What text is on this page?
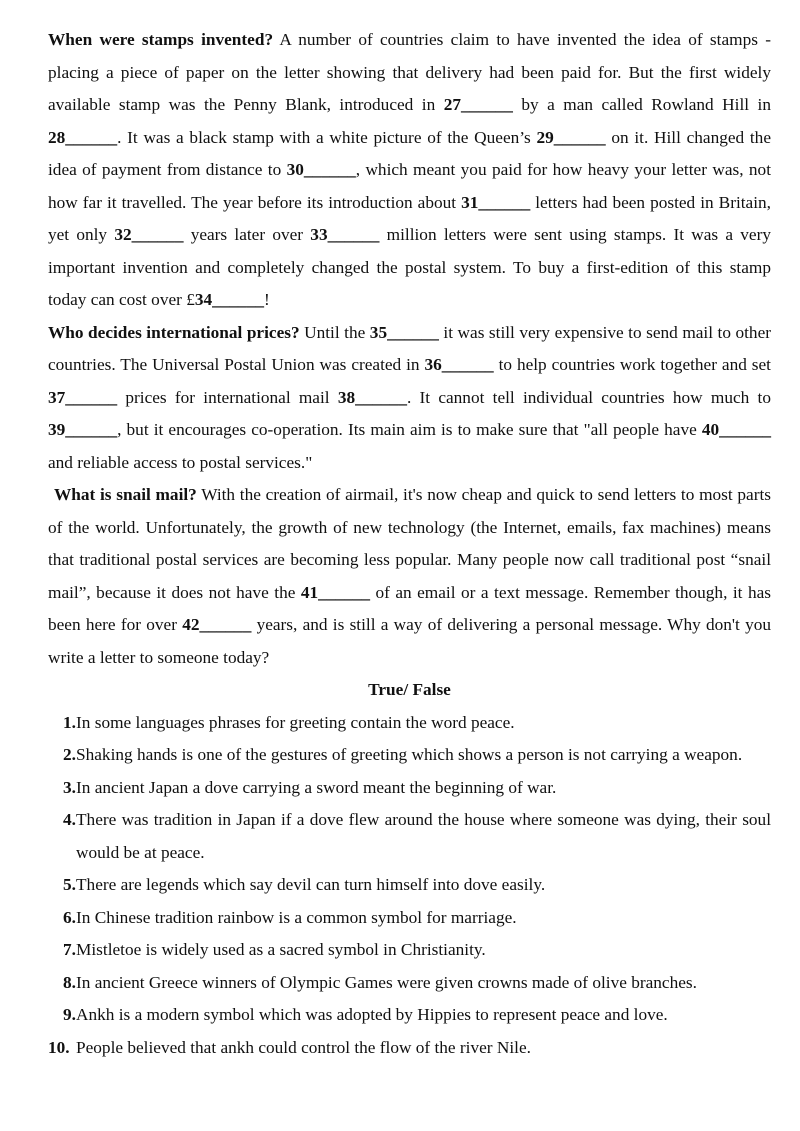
When were stamps invented? A number of countries claim to have invented the idea of stamps - placing a piece of paper on the letter showing that delivery had been paid for. But the first widely available stamp was the Penny Blank, introduced in 27______ by a man called Rowland Hill in 28______. It was a black stamp with a white picture of the Queen’s 29______ on it. Hill changed the idea of payment from distance to 30______, which meant you paid for how heavy your letter was, not how far it travelled. The year before its introduction about 31______ letters had been posted in Britain, yet only 32______ years later over 33______ million letters were sent using stamps. It was a very important invention and completely changed the postal system. To buy a first-edition of this stamp today can cost over £34______!

Who decides international prices? Until the 35______ it was still very expensive to send mail to other countries. The Universal Postal Union was created in 36______ to help countries work together and set 37______ prices for international mail 38______. It cannot tell individual countries how much to 39______, but it encourages co-operation. Its main aim is to make sure that "all people have 40______ and reliable access to postal services."

What is snail mail? With the creation of airmail, it's now cheap and quick to send letters to most parts of the world. Unfortunately, the growth of new technology (the Internet, emails, fax machines) means that traditional postal services are becoming less popular. Many people now call traditional post “snail mail”, because it does not have the 41______ of an email or a text message. Remember though, it has been here for over 42______ years, and is still a way of delivering a personal message. Why don't you write a letter to someone today?

True/ False

1. In some languages phrases for greeting contain the word peace.
2. Shaking hands is one of the gestures of greeting which shows a person is not carrying a weapon.
3. In ancient Japan a dove carrying a sword meant the beginning of war.
4. There was tradition in Japan if a dove flew around the house where someone was dying, their soul would be at peace.
5. There are legends which say devil can turn himself into dove easily.
6. In Chinese tradition rainbow is a common symbol for marriage.
7. Mistletoe is widely used as a sacred symbol in Christianity.
8. In ancient Greece winners of Olympic Games were given crowns made of olive branches.
9. Ankh is a modern symbol which was adopted by Hippies to represent peace and love.
10. People believed that ankh could control the flow of the river Nile.
